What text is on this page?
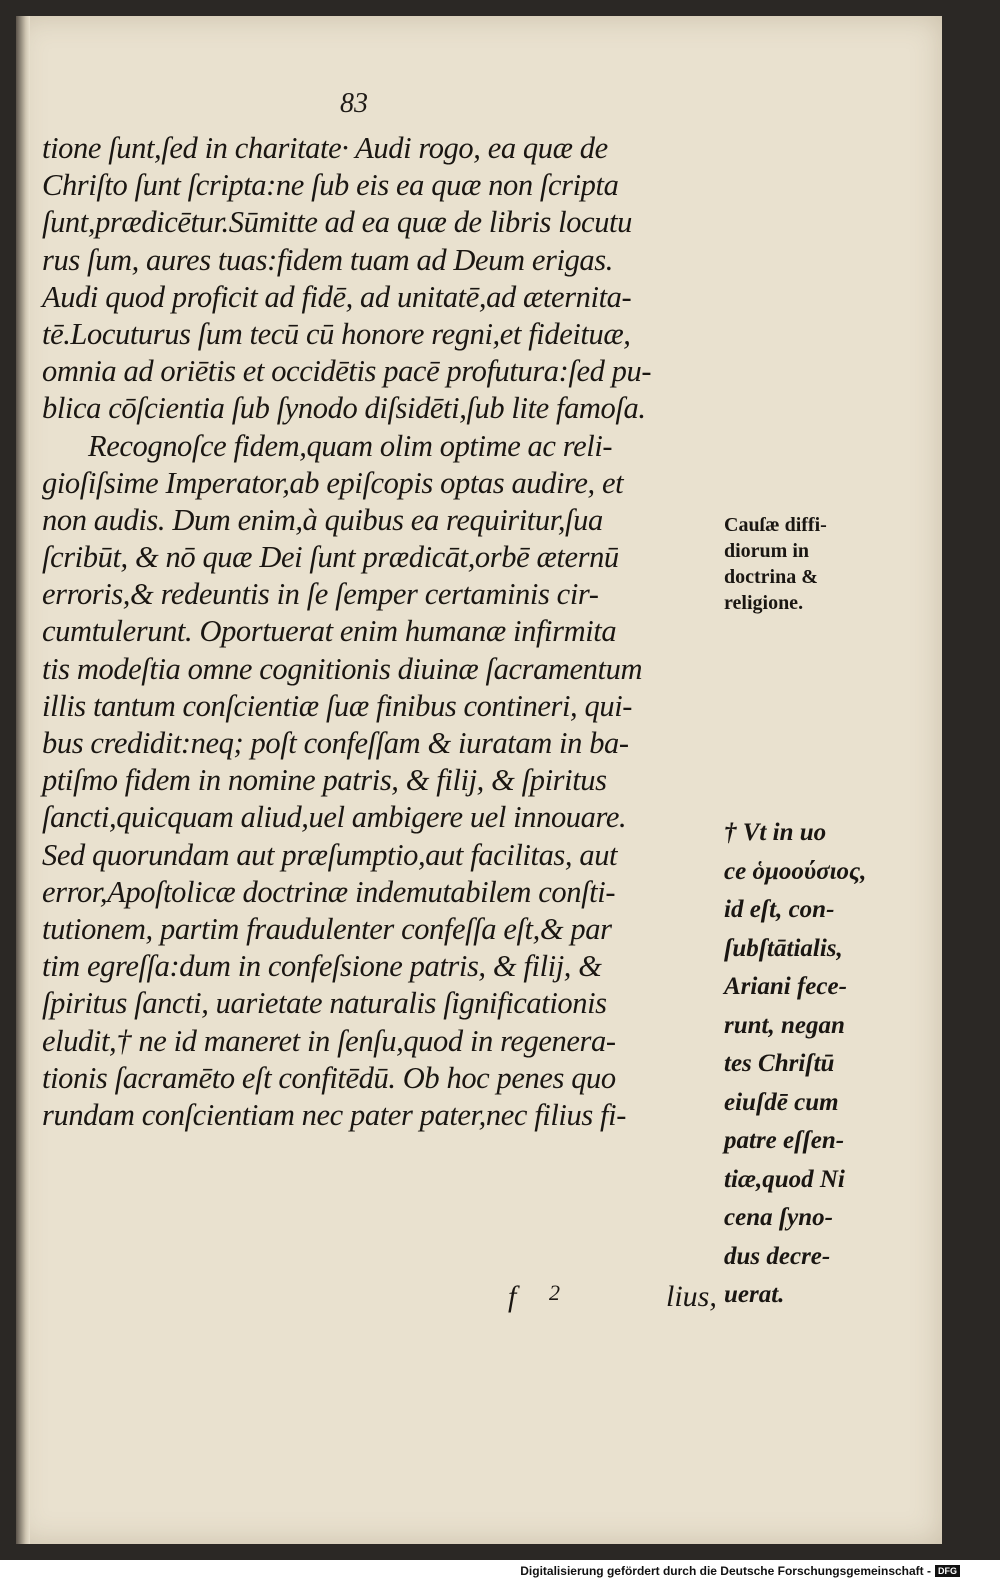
83
tione ſunt,ſed in charitate· Audi rogo, ea quæ de
Chriſto ſunt ſcripta:ne ſub eis ea quæ non ſcripta
ſunt,prædicētur.Sūmitte ad ea quæ de libris locutu
rus ſum, aures tuas:fidem tuam ad Deum erigas.
Audi quod proficit ad fidē, ad unitatē,ad æternita-
tē.Locuturus ſum tecū cū honore regni,et fideituæ,
omnia ad oriētis et occidētis pacē profutura:ſed pu-
blica cōſcientia ſub ſynodo diſsidēti,ſub lite famoſa.
Recognoſce fidem,quam olim optime ac reli-
gioſiſsime Imperator,ab epiſcopis optas audire, et
non audis. Dum enim,à quibus ea requiritur,ſua
ſcribūt, & nō quæ Dei ſunt prædicāt,orbē æternū
erroris,& redeuntis in ſe ſemper certaminis cir-
cumtulerunt. Oportuerat enim humanæ infirmita
tis modeſtia omne cognitionis diuinæ ſacramentum
illis tantum conſcientiæ ſuæ finibus contineri, qui-
bus credidit:neq; poſt confeſſam & iuratam in ba-
ptiſmo fidem in nomine patris, & filij, & ſpiritus
ſancti,quicquam aliud,uel ambigere uel innouare.
Sed quorundam aut præſumptio,aut facilitas, aut
error,Apoſtolicæ doctrinæ indemutabilem conſti-
tutionem, partim fraudulenter confeſſa eſt,& par
tim egreſſa:dum in confeſsione patris, & filij, &
ſpiritus ſancti, uarietate naturalis ſignificationis
eludit,† ne id maneret in ſenſu,quod in regenera-
tionis ſacramēto eſt confitēdū. Ob hoc penes quo
rundam conſcientiam nec pater pater,nec filius fi-
f 2	lius,
Cauſæ diffi-
diorum in
doctrina &
religione.
† Vt in uo
ce ὁμοούσιος,
id eſt, con-
ſubſtātialis,
Ariani fece-
runt, negan
tes Chriſtū
eiuſdē cum
patre eſſen-
tiæ,quod Ni
cena ſyno-
dus decre-
uerat.
Digitalisierung gefördert durch die Deutsche Forschungsgemeinschaft - DFG
